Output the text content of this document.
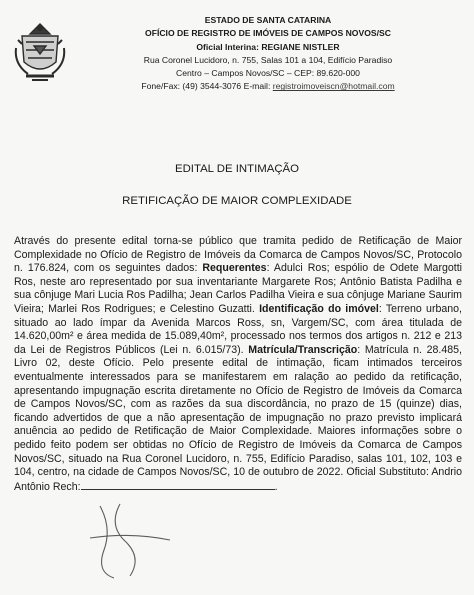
ESTADO DE SANTA CATARINA
OFÍCIO DE REGISTRO DE IMÓVEIS DE CAMPOS NOVOS/SC
Oficial Interina: REGIANE NISTLER
Rua Coronel Lucidoro, n. 755, Salas 101 a 104, Edifício Paradiso
Centro – Campos Novos/SC – CEP: 89.620-000
Fone/Fax: (49) 3544-3076 E-mail: registroimoveiscn@hotmail.com
EDITAL DE INTIMAÇÃO
RETIFICAÇÃO DE MAIOR COMPLEXIDADE

Através do presente edital torna-se público que tramita pedido de Retificação de Maior Complexidade no Ofício de Registro de Imóveis da Comarca de Campos Novos/SC, Protocolo n. 176.824, com os seguintes dados: Requerentes: Adulci Ros; espólio de Odete Margotti Ros, neste aro representado por sua inventariante Margarete Ros; Antônio Batista Padilha e sua cônjuge Mari Lucia Ros Padilha; Jean Carlos Padilha Vieira e sua cônjuge Mariane Saurim Vieira; Marlei Ros Rodrigues; e Celestino Guzatti. Identificação do imóvel: Terreno urbano, situado ao lado ímpar da Avenida Marcos Ross, sn, Vargem/SC, com área titulada de 14.620,00m² e área medida de 15.089,40m², processado nos termos dos artigos n. 212 e 213 da Lei de Registros Públicos (Lei n. 6.015/73). Matrícula/Transcrição: Matrícula n. 28.485, Livro 02, deste Ofício. Pelo presente edital de intimação, ficam intimados terceiros eventualmente interessados para se manifestarem em ralação ao pedido da retificação, apresentando impugnação escrita diretamente no Ofício de Registro de Imóveis da Comarca de Campos Novos/SC, com as razões da sua discordância, no prazo de 15 (quinze) dias, ficando advertidos de que a não apresentação de impugnação no prazo previsto implicará anuência ao pedido de Retificação de Maior Complexidade. Maiores informações sobre o pedido feito podem ser obtidas no Ofício de Registro de Imóveis da Comarca de Campos Novos/SC, situado na Rua Coronel Lucidoro, n. 755, Edifício Paradiso, salas 101, 102, 103 e 104, centro, na cidade de Campos Novos/SC, 10 de outubro de 2022. Oficial Substituto: Andrio Antônio Rech:	.
